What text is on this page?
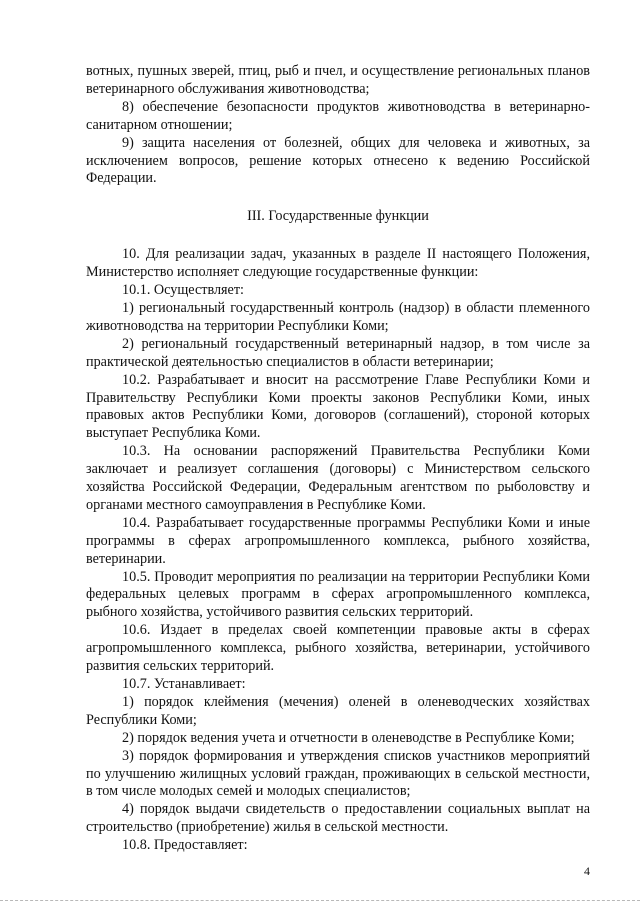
вотных, пушных зверей, птиц, рыб и пчел, и осуществление региональных планов ветеринарного обслуживания животноводства;

8) обеспечение безопасности продуктов животноводства в ветеринарно-санитарном отношении;

9) защита населения от болезней, общих для человека и животных, за исключением вопросов, решение которых отнесено к ведению Российской Федерации.

III. Государственные функции

10. Для реализации задач, указанных в разделе II настоящего Положения, Министерство исполняет следующие государственные функции:

10.1. Осуществляет:

1) региональный государственный контроль (надзор) в области племенного животноводства на территории Республики Коми;

2) региональный государственный ветеринарный надзор, в том числе за практической деятельностью специалистов в области ветеринарии;

10.2. Разрабатывает и вносит на рассмотрение Главе Республики Коми и Правительству Республики Коми проекты законов Республики Коми, иных правовых актов Республики Коми, договоров (соглашений), стороной которых выступает Республика Коми.

10.3. На основании распоряжений Правительства Республики Коми заключает и реализует соглашения (договоры) с Министерством сельского хозяйства Российской Федерации, Федеральным агентством по рыболовству и органами местного самоуправления в Республике Коми.

10.4. Разрабатывает государственные программы Республики Коми и иные программы в сферах агропромышленного комплекса, рыбного хозяйства, ветеринарии.

10.5. Проводит мероприятия по реализации на территории Республики Коми федеральных целевых программ в сферах агропромышленного комплекса, рыбного хозяйства, устойчивого развития сельских территорий.

10.6. Издает в пределах своей компетенции правовые акты в сферах агропромышленного комплекса, рыбного хозяйства, ветеринарии, устойчивого развития сельских территорий.

10.7. Устанавливает:

1) порядок клеймения (мечения) оленей в оленеводческих хозяйствах Республики Коми;

2) порядок ведения учета и отчетности в оленеводстве в Республике Коми;

3) порядок формирования и утверждения списков участников мероприятий по улучшению жилищных условий граждан, проживающих в сельской местности, в том числе молодых семей и молодых специалистов;

4) порядок выдачи свидетельств о предоставлении социальных выплат на строительство (приобретение) жилья в сельской местности.

10.8. Предоставляет:

4
